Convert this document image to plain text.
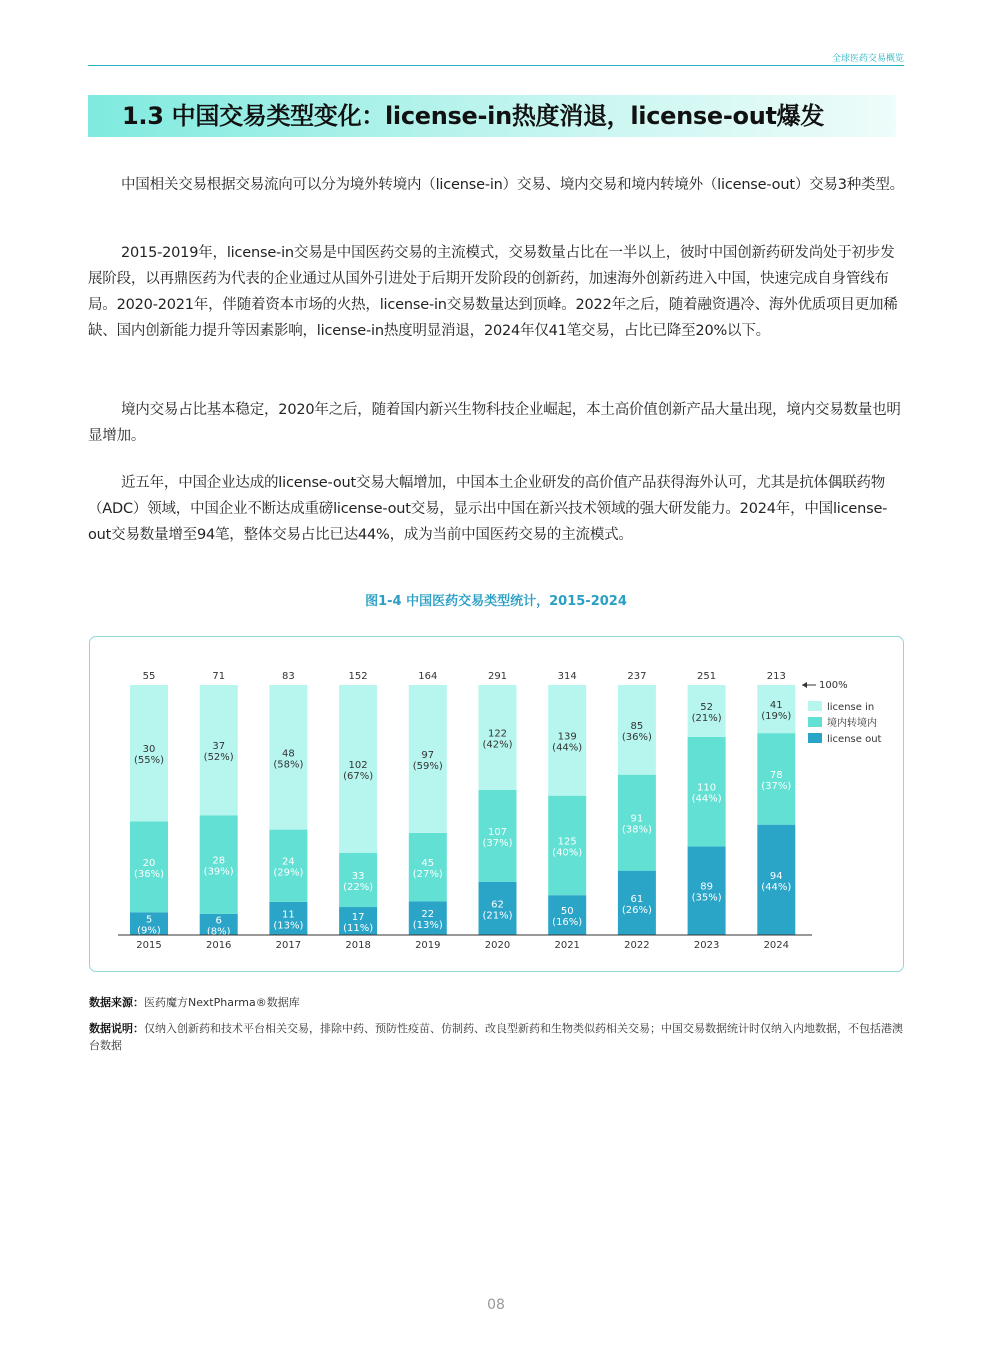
全球医药交易概览
1.3 中国交易类型变化：license-in热度消退，license-out爆发

中国相关交易根据交易流向可以分为境外转境内（license-in）交易、境内交易和境内转境外（license-out）交易3种类型。

2015-2019年，license-in交易是中国医药交易的主流模式，交易数量占比在一半以上，彼时中国创新药研发尚处于初步发展阶段，以再鼎医药为代表的企业通过从国外引进处于后期开发阶段的创新药，加速海外创新药进入中国，快速完成自身管线布局。2020-2021年，伴随着资本市场的火热，license-in交易数量达到顶峰。2022年之后，随着融资遇冷、海外优质项目更加稀缺、国内创新能力提升等因素影响，license-in热度明显消退，2024年仅41笔交易，占比已降至20%以下。

境内交易占比基本稳定，2020年之后，随着国内新兴生物科技企业崛起，本土高价值创新产品大量出现，境内交易数量也明显增加。

近五年，中国企业达成的license-out交易大幅增加，中国本土企业研发的高价值产品获得海外认可，尤其是抗体偶联药物（ADC）领域，中国企业不断达成重磅license-out交易，显示出中国在新兴技术领域的强大研发能力。2024年，中国license-out交易数量增至94笔，整体交易占比已达44%，成为当前中国医药交易的主流模式。

图1-4 中国医药交易类型统计，2015-2024
5
(9%)
20
(36%)
30
(55%)
55
2015
6
(8%)
28
(39%)
37
(52%)
71
2016
11
(13%)
24
(29%)
48
(58%)
83
2017
17
(11%)
33
(22%)
102
(67%)
152
2018
22
(13%)
45
(27%)
97
(59%)
164
2019
62
(21%)
107
(37%)
122
(42%)
291
2020
50
(16%)
125
(40%)
139
(44%)
314
2021
61
(26%)
91
(38%)
85
(36%)
237
2022
89
(35%)
110
(44%)
52
(21%)
251
2023
94
(44%)
78
(37%)
41
(19%)
213
2024
100%
license in
境内转境内
license out
数据来源：医药魔方NextPharma®数据库
数据说明：仅纳入创新药和技术平台相关交易，排除中药、预防性疫苗、仿制药、改良型新药和生物类似药相关交易；中国交易数据统计时仅纳入内地数据，不包括港澳台数据
08
